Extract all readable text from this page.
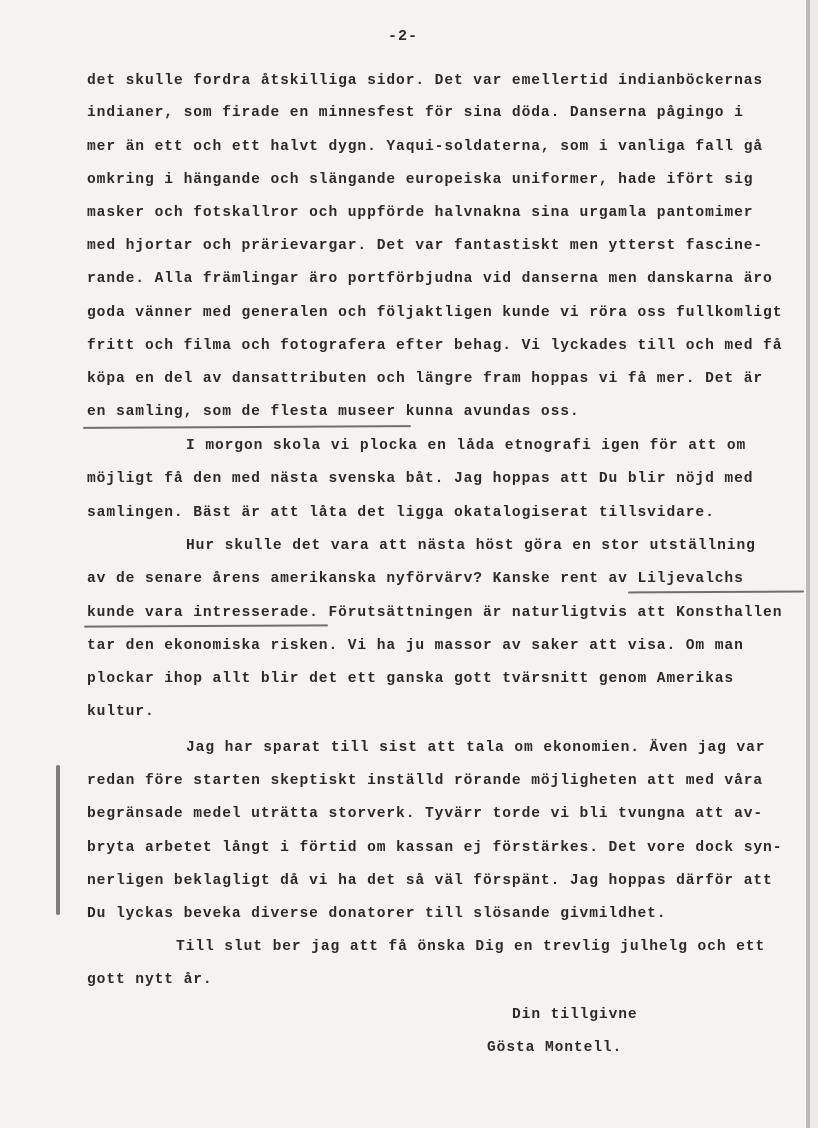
-2-
det skulle fordra åtskilliga sidor. Det var emellertid indianböckernas
indianer, som firade en minnesfest för sina döda. Danserna pågingo i
mer än ett och ett halvt dygn. Yaqui-soldaterna, som i vanliga fall gå
omkring i hängande och slängande europeiska uniformer, hade ifört sig
masker och fotskallror och uppförde halvnakna sina urgamla pantomimer
med hjortar och prärievargar. Det var fantastiskt men ytterst fascine-
rande. Alla främlingar äro portförbjudna vid danserna men danskarna äro
goda vänner med generalen och följaktligen kunde vi röra oss fullkomligt
fritt och filma och fotografera efter behag. Vi lyckades till och med få
köpa en del av dansattributen och längre fram hoppas vi få mer. Det är
en samling, som de flesta museer kunna avundas oss.
I morgon skola vi plocka en låda etnografi igen för att om
möjligt få den med nästa svenska båt. Jag hoppas att Du blir nöjd med
samlingen. Bäst är att låta det ligga okatalogiserat tillsvidare.
Hur skulle det vara att nästa höst göra en stor utställning
av de senare årens amerikanska nyförvärv? Kanske rent av Liljevalchs
kunde vara intresserade. Förutsättningen är naturligtvis att Konsthallen
tar den ekonomiska risken. Vi ha ju massor av saker att visa. Om man
plockar ihop allt blir det ett ganska gott tvärsnitt genom Amerikas
kultur.
Jag har sparat till sist att tala om ekonomien. Även jag var
redan före starten skeptiskt inställd rörande möjligheten att med våra
begränsade medel uträtta storverk. Tyvärr torde vi bli tvungna att av-
bryta arbetet långt i förtid om kassan ej förstärkes. Det vore dock syn-
nerligen beklagligt då vi ha det så väl förspänt. Jag hoppas därför att
Du lyckas beveka diverse donatorer till slösande givmildhet.
Till slut ber jag att få önska Dig en trevlig julhelg och ett
gott nytt år.
Din tillgivne
Gösta Montell.
